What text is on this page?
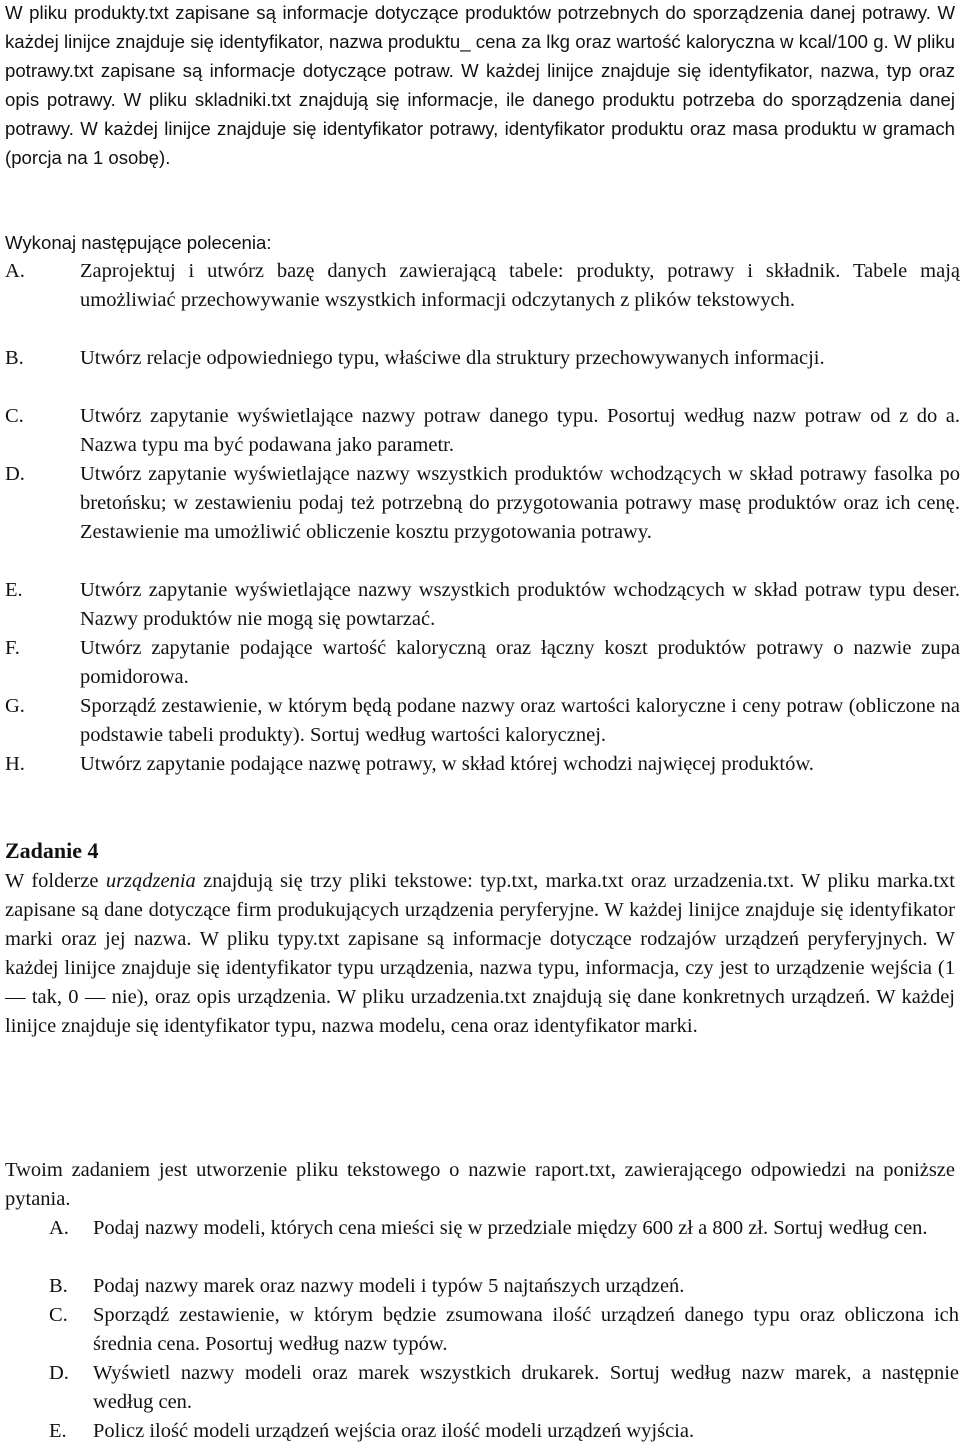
W pliku produkty.txt zapisane są informacje dotyczące produktów potrzebnych do sporządzenia danej potrawy. W każdej linijce znajduje się identyfikator, nazwa produktu_ cena za lkg oraz wartość kaloryczna w kcal/100 g. W pliku potrawy.txt zapisane są informacje dotyczące potraw. W każdej linijce znajduje się identyfikator, nazwa, typ oraz opis potrawy. W pliku skladniki.txt znajdują się informacje, ile danego produktu potrzeba do sporządzenia danej potrawy. W każdej linijce znajduje się identyfikator potrawy, identyfikator produktu oraz masa produktu w gramach (porcja na 1 osobę).

Wykonaj następujące polecenia:

A.	Zaprojektuj i utwórz bazę danych zawierającą tabele: produkty, potrawy i składnik. Tabele mają umożliwiać przechowywanie wszystkich informacji odczytanych z plików tekstowych.

B.	Utwórz relacje odpowiedniego typu, właściwe dla struktury przechowywanych informacji.

C.	Utwórz zapytanie wyświetlające nazwy potraw danego typu. Posortuj według nazw potraw od z do a. Nazwa typu ma być podawana jako parametr.

D.	Utwórz zapytanie wyświetlające nazwy wszystkich produktów wchodzących w skład potrawy fasolka po bretońsku; w zestawieniu podaj też potrzebną do przygotowania potrawy masę produktów oraz ich cenę. Zestawienie ma umożliwić obliczenie kosztu przygotowania potrawy.

E.	Utwórz zapytanie wyświetlające nazwy wszystkich produktów wchodzących w skład potraw typu deser. Nazwy produktów nie mogą się powtarzać.

F.	Utwórz zapytanie podające wartość kaloryczną oraz łączny koszt produktów potrawy o nazwie zupa pomidorowa.

G.	Sporządź zestawienie, w którym będą podane nazwy oraz wartości kaloryczne i ceny potraw (obliczone na podstawie tabeli produkty). Sortuj według wartości kalorycznej.

H.	Utwórz zapytanie podające nazwę potrawy, w skład której wchodzi najwięcej produktów.

Zadanie 4

W folderze urządzenia znajdują się trzy pliki tekstowe: typ.txt, marka.txt oraz urzadzenia.txt. W pliku marka.txt zapisane są dane dotyczące firm produkujących urządzenia peryferyjne. W każdej linijce znajduje się identyfikator marki oraz jej nazwa. W pliku typy.txt zapisane są informacje dotyczące rodzajów urządzeń peryferyjnych. W każdej linijce znajduje się identyfikator typu urządzenia, nazwa typu, informacja, czy jest to urządzenie wejścia (1 — tak, 0 — nie), oraz opis urządzenia. W pliku urzadzenia.txt znajdują się dane konkretnych urządzeń. W każdej linijce znajduje się identyfikator typu, nazwa modelu, cena oraz identyfikator marki.

Twoim zadaniem jest utworzenie pliku tekstowego o nazwie raport.txt, zawierającego odpowiedzi na poniższe pytania.

A. Podaj nazwy modeli, których cena mieści się w przedziale między 600 zł a 800 zł. Sortuj według cen.

B. Podaj nazwy marek oraz nazwy modeli i typów 5 najtańszych urządzeń.

C. Sporządź zestawienie, w którym będzie zsumowana ilość urządzeń danego typu oraz obliczona ich średnia cena. Posortuj według nazw typów.

D. Wyświetl nazwy modeli oraz marek wszystkich drukarek. Sortuj według nazw marek, a następnie według cen.

E. Policz ilość modeli urządzeń wejścia oraz ilość modeli urządzeń wyjścia.
